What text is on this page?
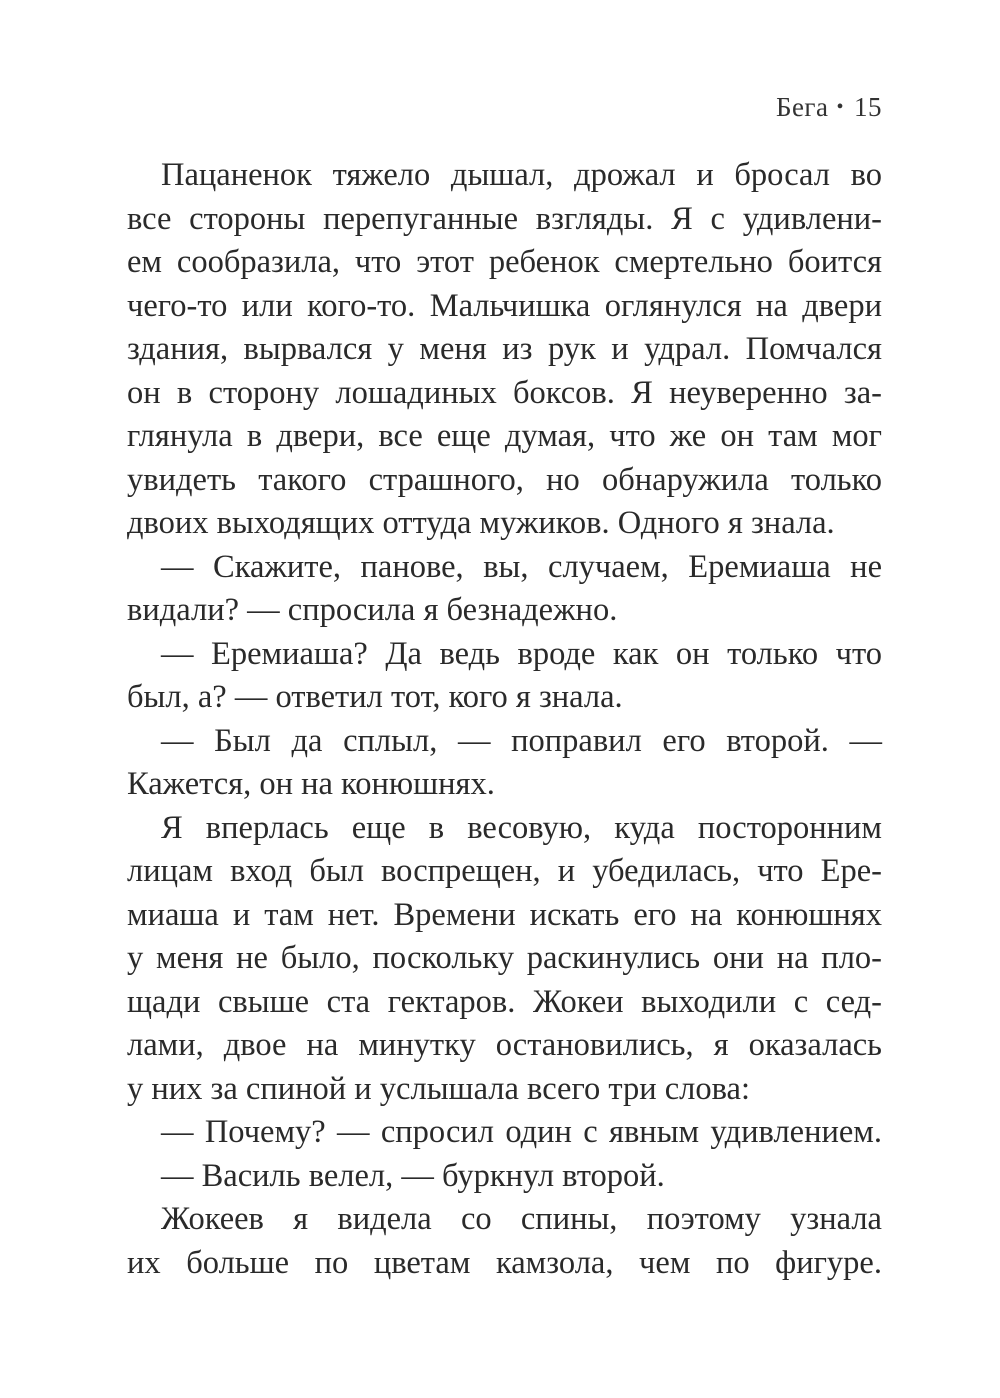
Бега • 15
Пацаненок тяжело дышал, дрожал и бросал во
все стороны перепуганные взгляды. Я с удивлени-
ем сообразила, что этот ребенок смертельно боится
чего-то или кого-то. Мальчишка оглянулся на двери
здания, вырвался у меня из рук и удрал. Помчался
он в сторону лошадиных боксов. Я неуверенно за-
глянула в двери, все еще думая, что же он там мог
увидеть такого страшного, но обнаружила только
двоих выходящих оттуда мужиков. Одного я знала.
— Скажите, панове, вы, случаем, Еремиаша не
видали? — спросила я безнадежно.
— Еремиаша? Да ведь вроде как он только что
был, а? — ответил тот, кого я знала.
— Был да сплыл, — поправил его второй. —
Кажется, он на конюшнях.
Я вперлась еще в весовую, куда посторонним
лицам вход был воспрещен, и убедилась, что Ере-
миаша и там нет. Времени искать его на конюшнях
у меня не было, поскольку раскинулись они на пло-
щади свыше ста гектаров. Жокеи выходили с сед-
лами, двое на минутку остановились, я оказалась
у них за спиной и услышала всего три слова:
— Почему? — спросил один с явным удивлением.
— Василь велел, — буркнул второй.
Жокеев я видела со спины, поэтому узнала
их больше по цветам камзола, чем по фигуре.
